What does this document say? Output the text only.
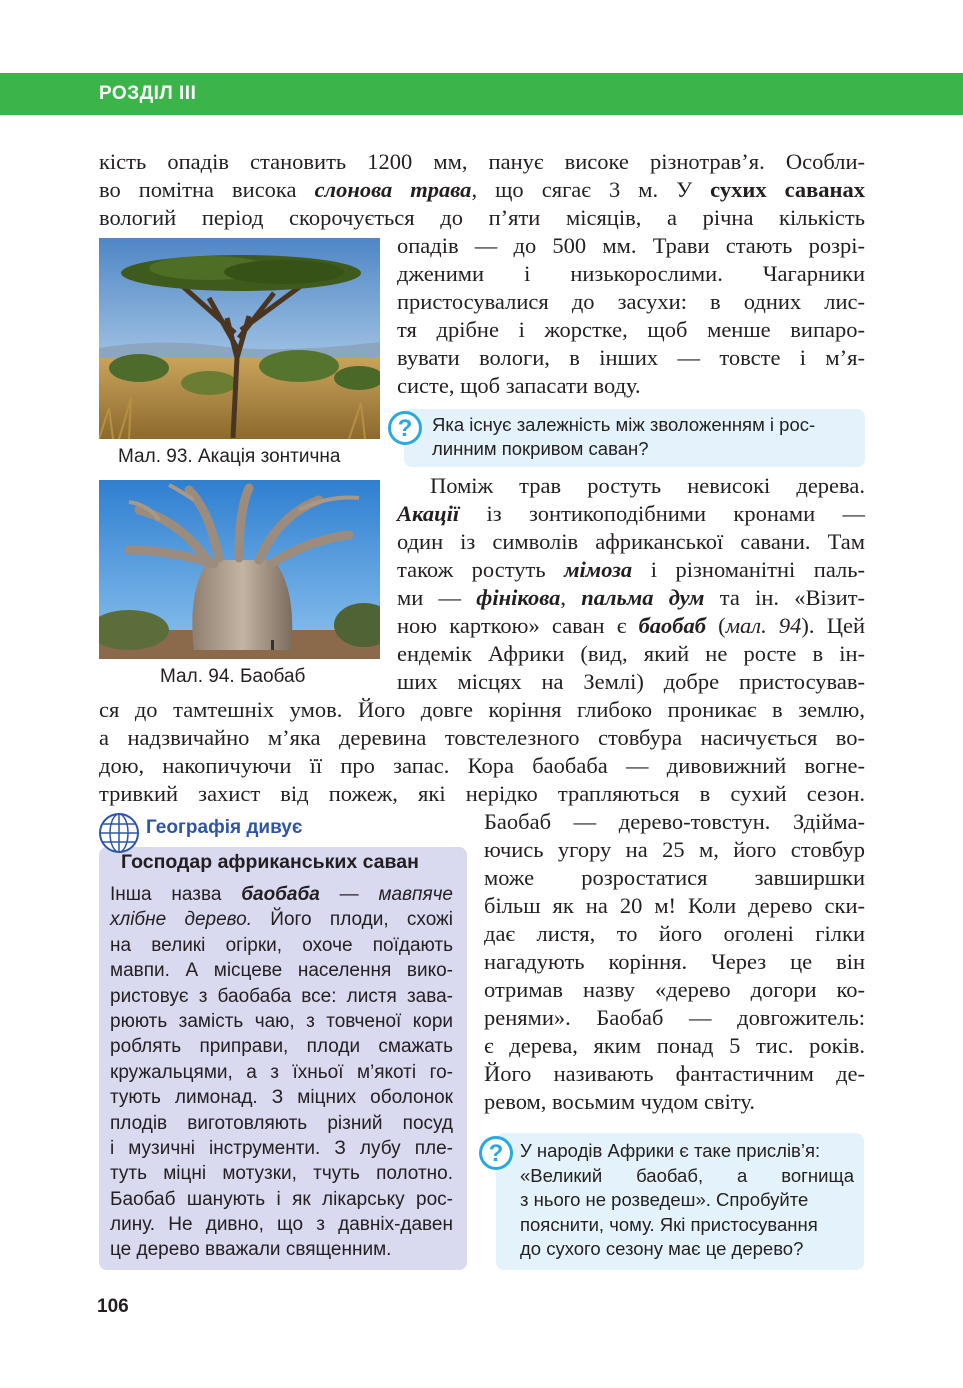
РОЗДІЛ ІІІ
кість опадів становить 1200 мм, панує високе різнотрав’я. Особли-
во помітна висока слонова трава, що сягає 3 м. У сухих саванах
вологий період скорочується до п’яти місяців, а річна кількість
опадів — до 500 мм. Трави стають розрі-
дженими і низькорослими. Чагарники
пристосувалися до засухи: в одних лис-
тя дрібне і жорстке, щоб менше випаро-
вувати вологи, в інших — товсте і м’я-
систе, щоб запасати воду.
Мал. 93. Акація зонтична
?	Яка існує залежність між зволоженням і рос-
линним покривом саван?
Мал. 94. Баобаб
Поміж трав ростуть невисокі дерева.
Акації із зонтикоподібними кронами —
один із символів африканської савани. Там
також ростуть мімоза і різноманітні паль-
ми — фінікова, пальма дум та ін. «Візит-
ною карткою» саван є баобаб (мал. 94). Цей
ендемік Африки (вид, який не росте в ін-
ших місцях на Землі) добре пристосував-
ся до тамтешніх умов. Його довге коріння глибоко проникає в землю,
а надзвичайно м’яка деревина товстелезного стовбура насичується во-
дою, накопичуючи її про запас. Кора баобаба — дивовижний вогне-
тривкий захист від пожеж, які нерідко трапляються в сухий сезон.
Географія дивує
Господар африканських саван
Інша назва баобаба — мавпяче
хлібне дерево. Його плоди, схожі
на великі огірки, охоче поїдають
мавпи. А місцеве населення вико-
ристовує з баобаба все: листя зава-
рюють замість чаю, з товченої кори
роблять приправи, плоди смажать
кружальцями, а з їхньої м’якоті го-
тують лимонад. З міцних оболонок
плодів виготовляють різний посуд
і музичні інструменти. З лубу пле-
туть міцні мотузки, тчуть полотно.
Баобаб шанують і як лікарську рос-
лину. Не дивно, що з давніх-давен
це дерево вважали священним.
Баобаб — дерево-товстун. Здійма-
ючись угору на 25 м, його стовбур
може розростатися завширшки
більш як на 20 м! Коли дерево ски-
дає листя, то його оголені гілки
нагадують коріння. Через це він
отримав назву «дерево догори ко-
ренями». Баобаб — довгожитель:
є дерева, яким понад 5 тис. років.
Його називають фантастичним де-
ревом, восьмим чудом світу.
? У народів Африки є таке прислів’я:
«Великий баобаб, а вогнища
з нього не розведеш». Спробуйте
пояснити, чому. Які пристосування
до сухого сезону має це дерево?
106
